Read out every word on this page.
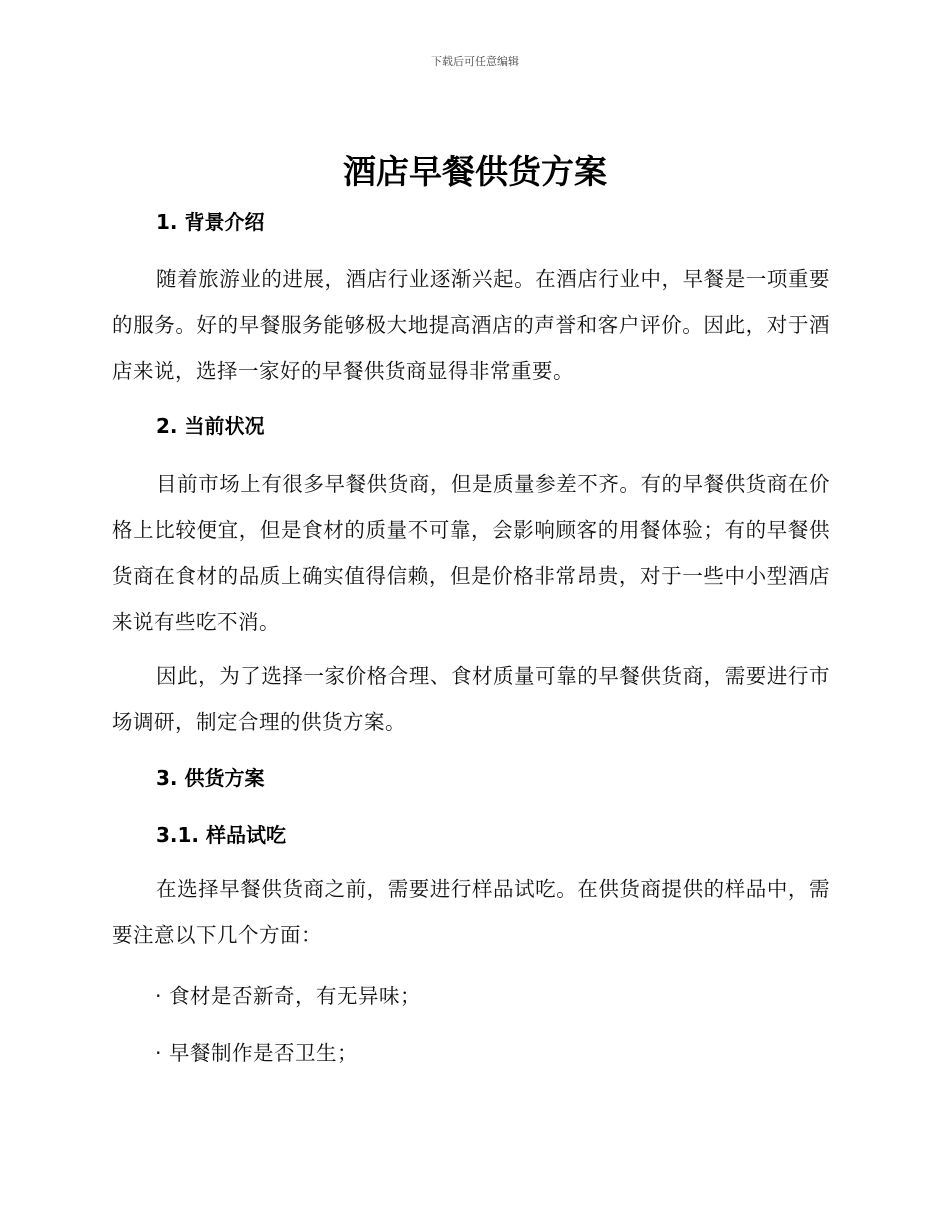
下载后可任意编辑
酒店早餐供货方案
1. 背景介绍

随着旅游业的进展，酒店行业逐渐兴起。在酒店行业中，早餐是一项重要的服务。好的早餐服务能够极大地提高酒店的声誉和客户评价。因此，对于酒店来说，选择一家好的早餐供货商显得非常重要。

2. 当前状况

目前市场上有很多早餐供货商，但是质量参差不齐。有的早餐供货商在价格上比较便宜，但是食材的质量不可靠，会影响顾客的用餐体验；有的早餐供货商在食材的品质上确实值得信赖，但是价格非常昂贵，对于一些中小型酒店来说有些吃不消。

因此，为了选择一家价格合理、食材质量可靠的早餐供货商，需要进行市场调研，制定合理的供货方案。

3. 供货方案
3.1. 样品试吃

在选择早餐供货商之前，需要进行样品试吃。在供货商提供的样品中，需要注意以下几个方面：

· 食材是否新奇，有无异味；

· 早餐制作是否卫生；
